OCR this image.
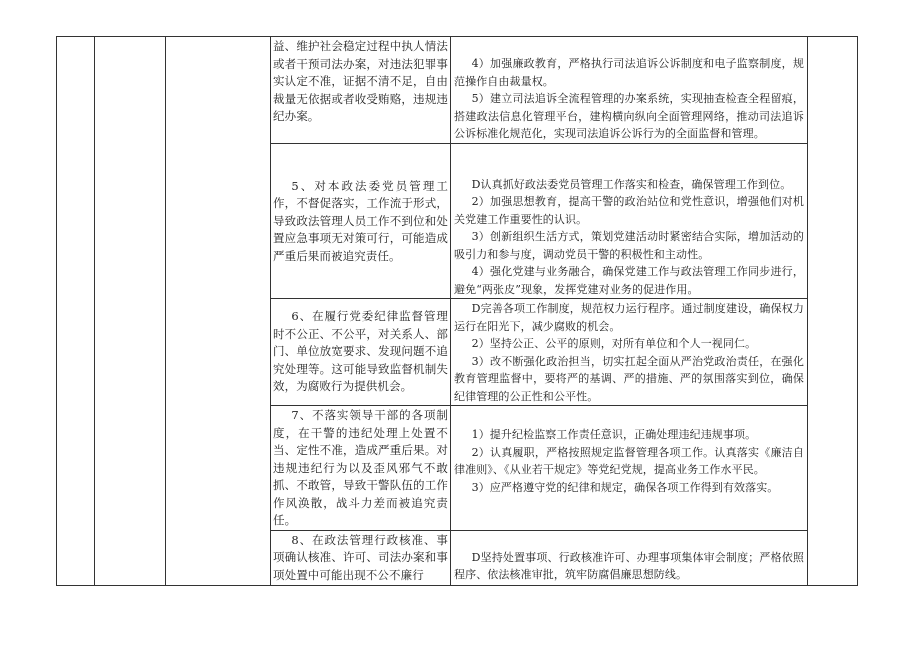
			益、维护社会稳定过程中执人情法或者干预司法办案，对违法犯罪事实认定不准，证据不清不足，自由裁量无依据或者收受贿赂，违规违纪办案。	4）加强廉政教育，严格执行司法追诉公诉制度和电子监察制度，规范操作自由裁量权。

5）建立司法追诉全流程管理的办案系统，实现抽查检查全程留痕，搭建政法信息化管理平台，建构横向纵向全面管理网络，推动司法追诉公诉标准化规范化，实现司法追诉公诉行为的全面监督和管理。	

			5、对本政法委党员管理工作，不督促落实，工作流于形式，导致政法管理人员工作不到位和处置应急事项无对策可行，可能造成严重后果而被追究责任。	D认真抓好政法委党员管理工作落实和检查，确保管理工作到位。

2）加强思想教育，提高干警的政治站位和党性意识，增强他们对机关党建工作重要性的认识。

3）创新组织生活方式，策划党建活动时紧密结合实际，增加活动的吸引力和参与度，调动党员干警的积极性和主动性。

4）强化党建与业务融合，确保党建工作与政法管理工作同步进行，避免“两张皮”现象，发挥党建对业务的促进作用。	

			6、在履行党委纪律监督管理时不公正、不公平，对关系人、部门、单位放宽要求、发现问题不追究处理等。这可能导致监督机制失效，为腐败行为提供机会。	D完善各项工作制度，规范权力运行程序。通过制度建设，确保权力运行在阳光下，减少腐败的机会。

2）坚持公正、公平的原则，对所有单位和个人一视同仁。

3）改不断强化政治担当，切实扛起全面从严治党政治责任，在强化教育管理监督中，要将严的基调、严的措施、严的氛围落实到位，确保纪律管理的公正性和公平性。	

			7、不落实领导干部的各项制度，在干警的违纪处理上处置不当、定性不准，造成严重后果。对违规违纪行为以及歪风邪气不敢抓、不敢管，导致干警队伍的工作作风涣散，战斗力差而被追究责任。	1）提升纪检监察工作责任意识，正确处理违纪违规事项。

2）认真履职，严格按照规定监督管理各项工作。认真落实《廉洁自律准则》、《从业若干规定》等党纪党规，提高业务工作水平民。

3）应严格遵守党的纪律和规定，确保各项工作得到有效落实。	

			8、在政法管理行政核准、事项确认核准、许可、司法办案和事项处置中可能出现不公不廉行	D坚持处置事项、行政核准许可、办理事项集体审会制度；严格依照程序、依法核准审批，筑牢防腐倡廉思想防线。	
